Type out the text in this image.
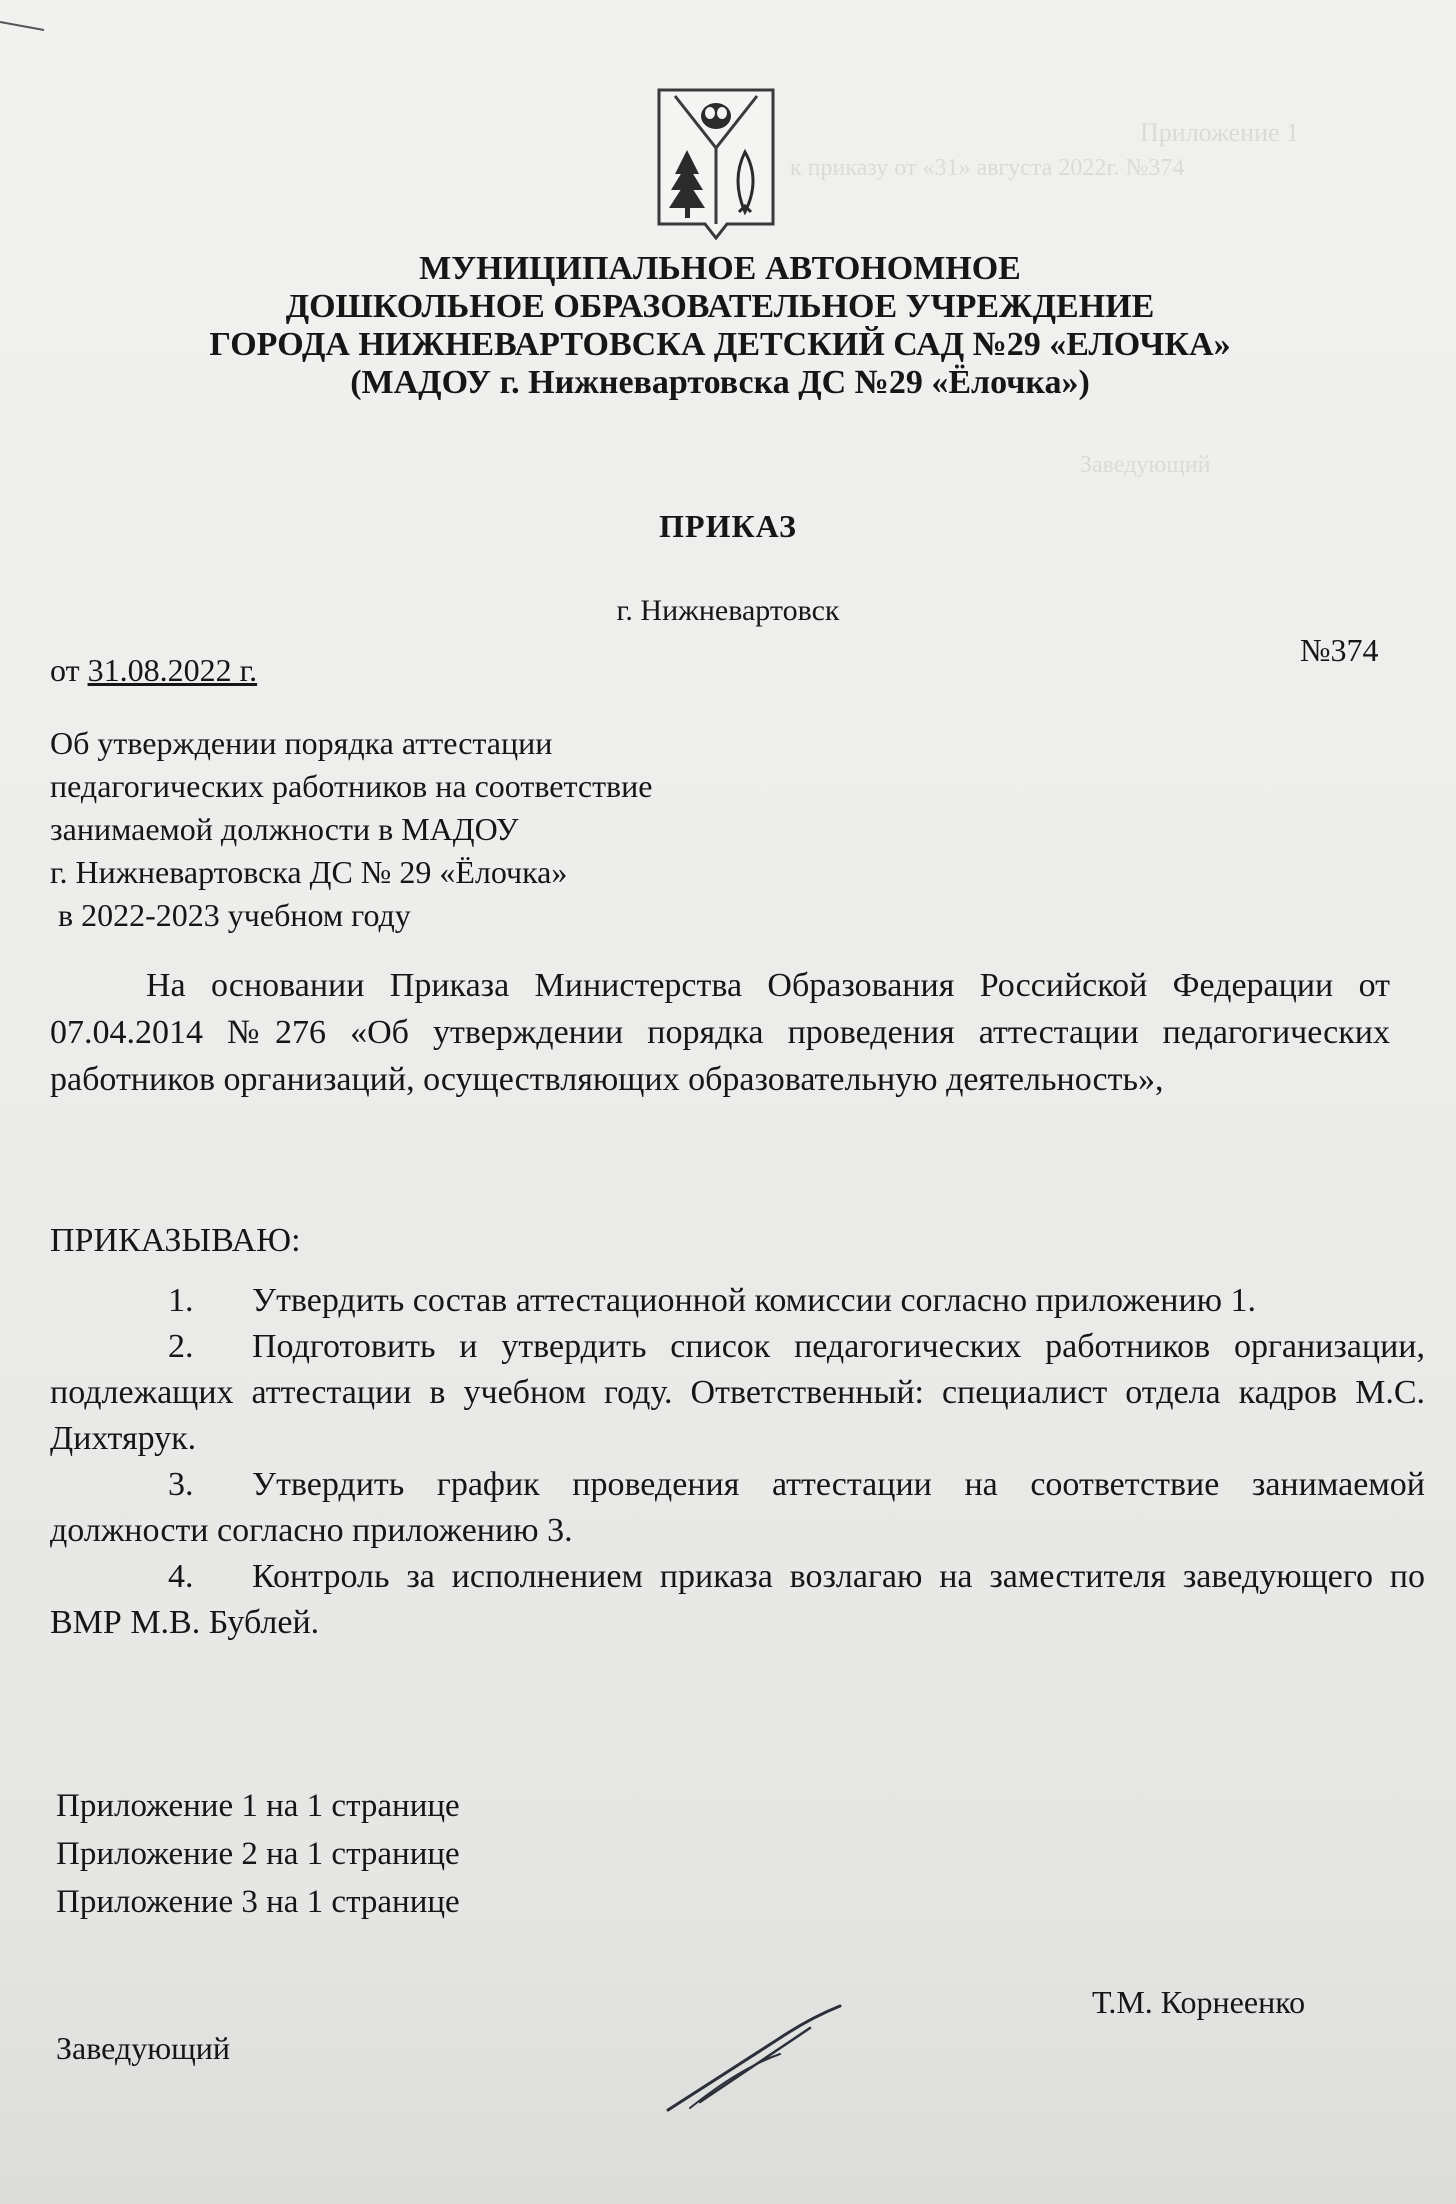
Приложение 1
к приказу от «31» августа 2022г. №374
Заведующий
МУНИЦИПАЛЬНОЕ АВТОНОМНОЕ
ДОШКОЛЬНОЕ ОБРАЗОВАТЕЛЬНОЕ УЧРЕЖДЕНИЕ
ГОРОДА НИЖНЕВАРТОВСКА ДЕТСКИЙ САД №29 «ЕЛОЧКА»
(МАДОУ г. Нижневартовска ДС №29 «Ёлочка»)
ПРИКАЗ
г. Нижневартовск
от 31.08.2022 г.
№374
Об утверждении порядка аттестации
педагогических работников на соответствие
занимаемой должности в МАДОУ
г. Нижневартовска ДС № 29 «Ёлочка»
в 2022-2023 учебном году

На основании Приказа Министерства Образования Российской Федерации от 07.04.2014 №276 «Об утверждении порядка проведения аттестации педагогических работников организаций, осуществляющих образовательную деятельность»,

ПРИКАЗЫВАЮ:

1. Утвердить состав аттестационной комиссии согласно приложению 1.

2. Подготовить и утвердить список педагогических работников организации, подлежащих аттестации в учебном году. Ответственный: специалист отдела кадров М.С. Дихтярук.

3. Утвердить график проведения аттестации на соответствие занимаемой должности согласно приложению 3.

4. Контроль за исполнением приказа возлагаю на заместителя заведующего по ВМР М.В. Бублей.

Приложение 1 на 1 странице
Приложение 2 на 1 странице
Приложение 3 на 1 странице
Заведующий
Т.М. Корнеенко
